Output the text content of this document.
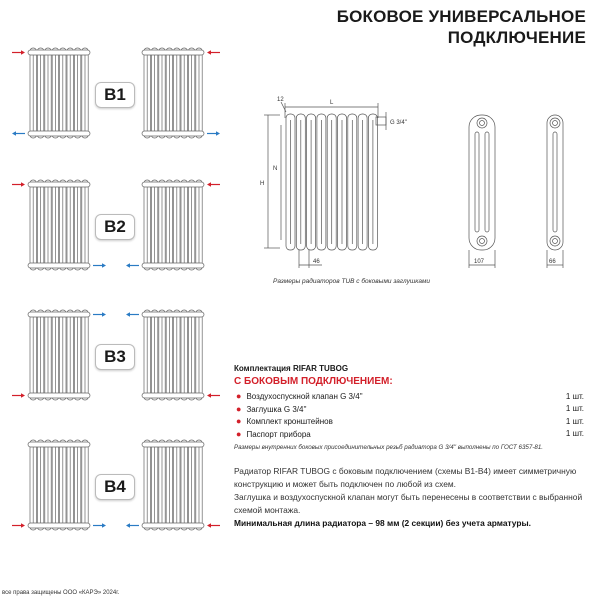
БОКОВОЕ УНИВЕРСАЛЬНОЕ
ПОДКЛЮЧЕНИЕ
B1
B2
B3
B4
12	L
G 3/4''
H
N
46	107	66
Размеры радиаторов TUB с боковыми заглушками
Комплектация RIFAR TUBOG
С БОКОВЫМ ПОДКЛЮЧЕНИЕМ:
● Воздухоспускной клапан G 3/4''	1 шт.
● Заглушка G 3/4''	1 шт.
● Комплект кронштейнов	1 шт.
● Паспорт прибора	1 шт.
Размеры внутренних боковых присоединительных резьб радиатора G 3/4'' выполнены по ГОСТ 6357-81.
Радиатор RIFAR TUBOG с боковым подключением (схемы B1-B4) имеет симметричную конструкцию и может быть подключен по любой из схем.
Заглушка и воздухоспускной клапан могут быть перенесены в соответствии с выбранной схемой монтажа.
Минимальная длина радиатора – 98 мм (2 секции) без учета арматуры.
все права защищены ООО «КАРЭ» 2024г.
